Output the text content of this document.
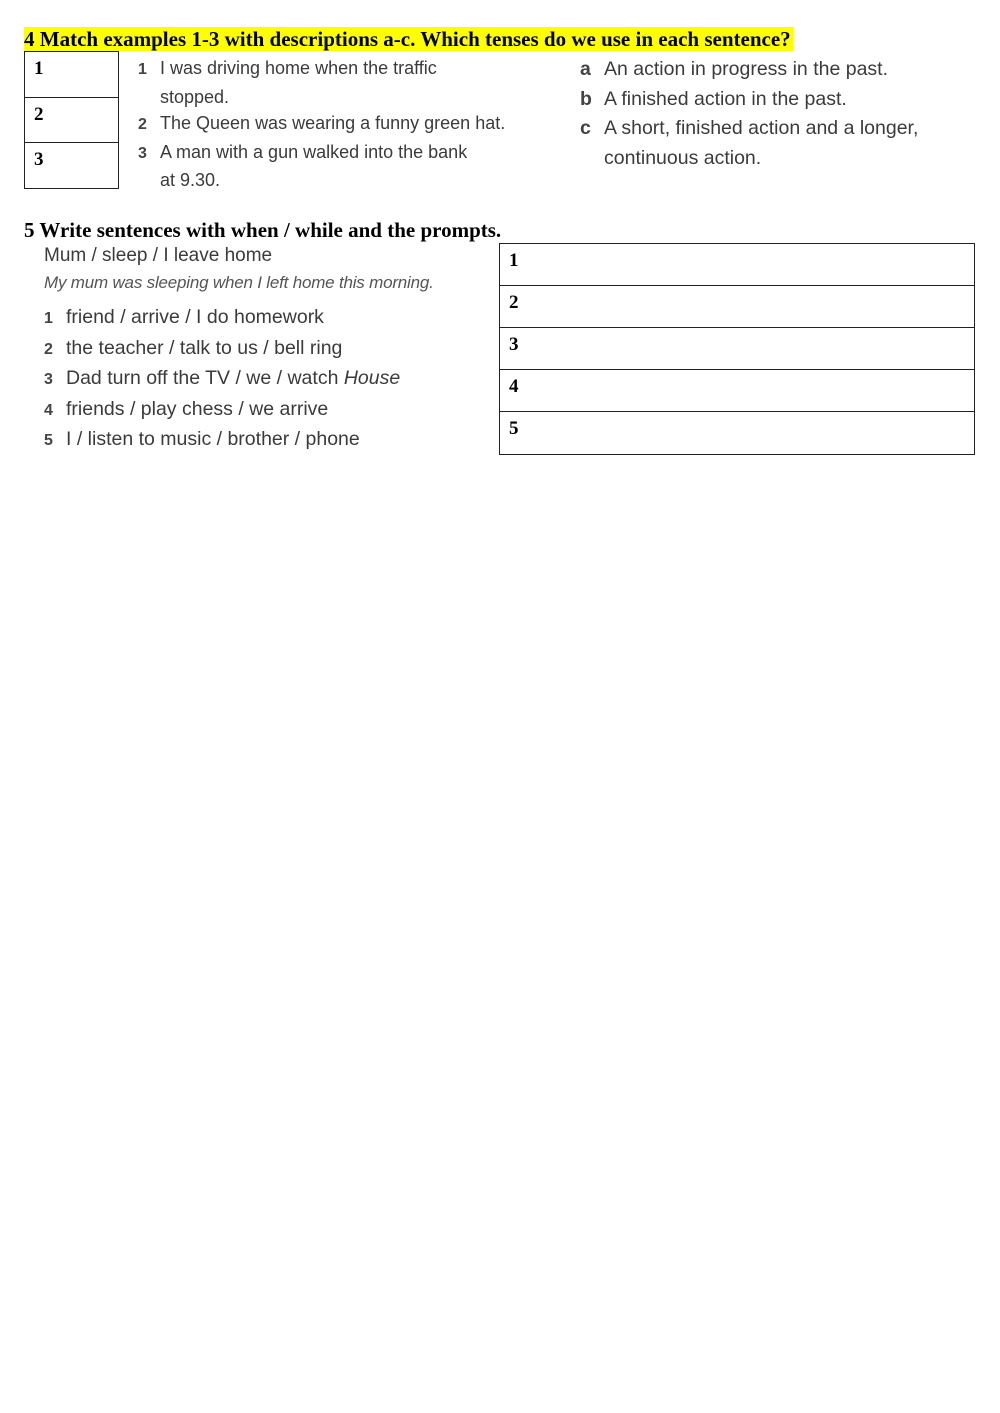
4 Match examples 1-3 with descriptions a-c. Which tenses do we use in each sentence?
1
2
3
1 I was driving home when the traffic
stopped.
2 The Queen was wearing a funny green hat.
3 A man with a gun walked into the bank
at 9.30.
a An action in progress in the past.
b A finished action in the past.
c A short, finished action and a longer,
continuous action.
5 Write sentences with when / while and the prompts.
Mum / sleep / I leave home
My mum was sleeping when I left home this morning.
1 friend / arrive / I do homework
2 the teacher / talk to us / bell ring
3 Dad turn off the TV / we / watch House
4 friends / play chess / we arrive
5 I / listen to music / brother / phone
1
2
3
4
5
